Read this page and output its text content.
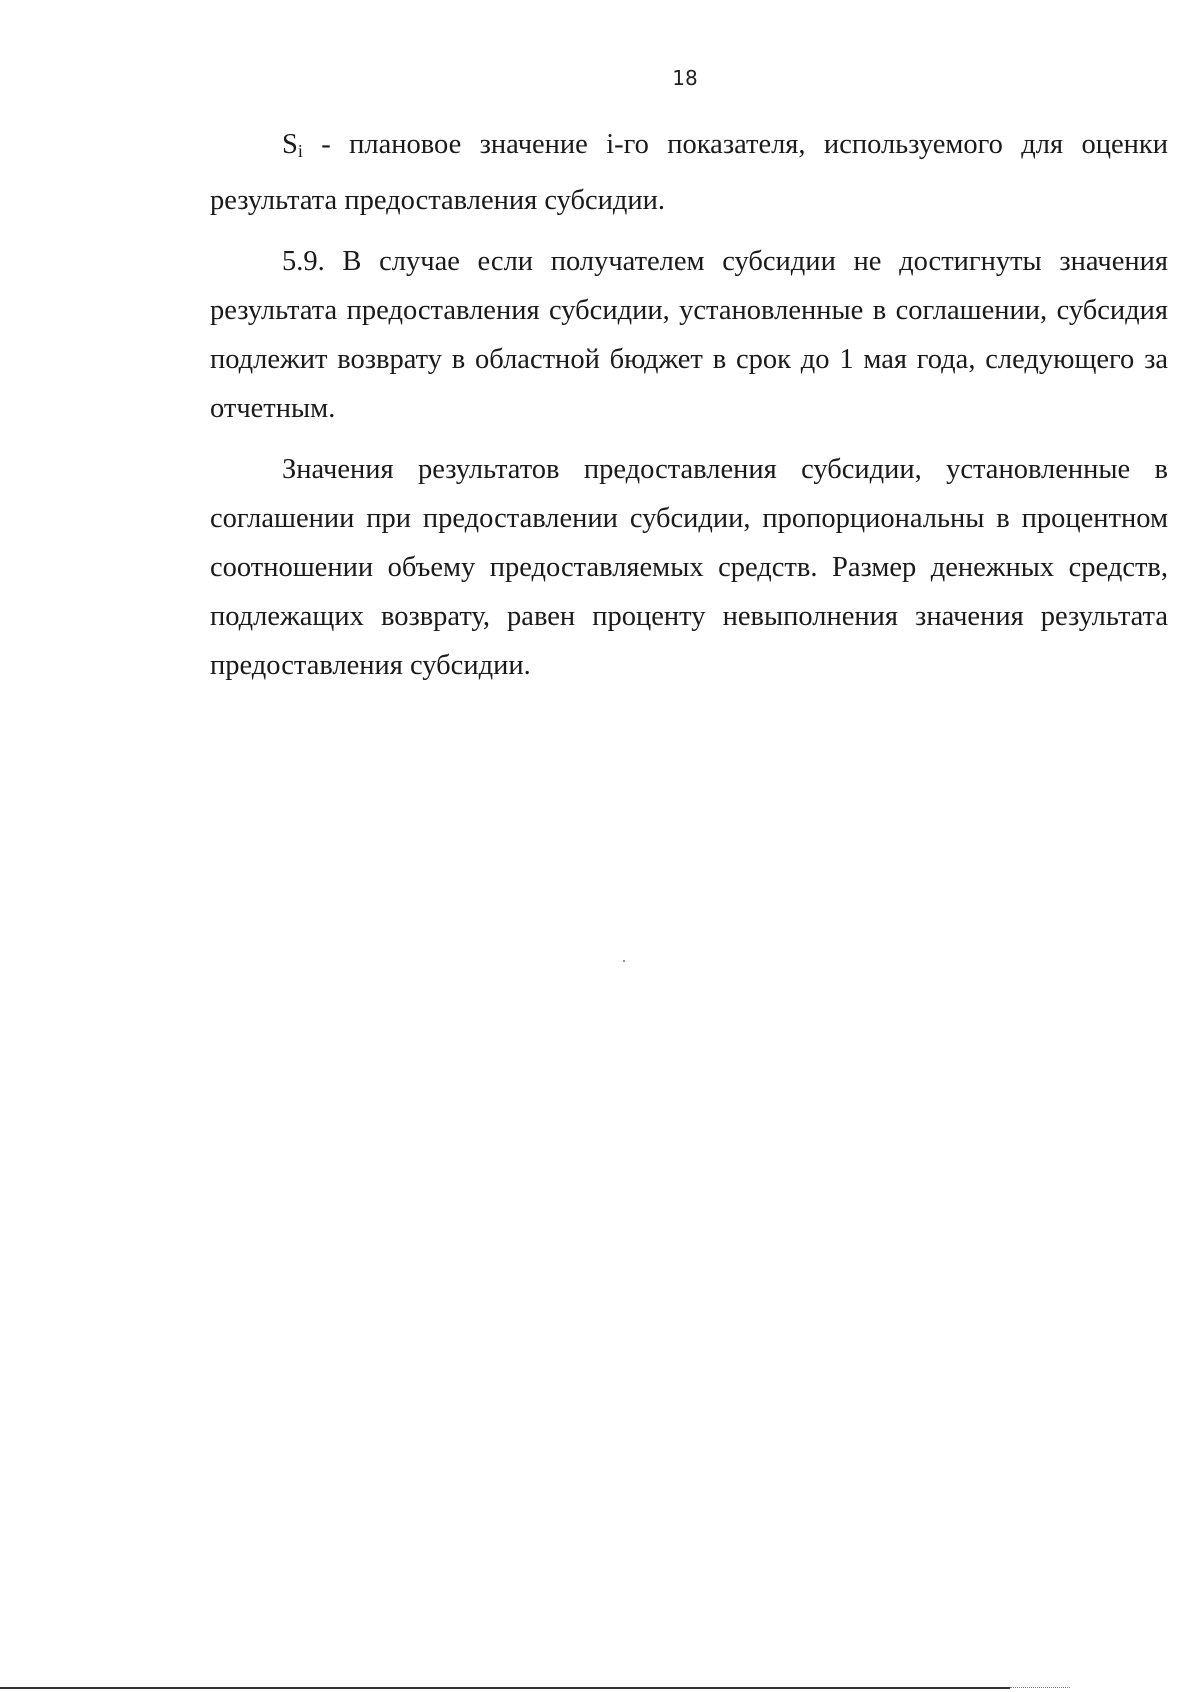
18

$S_i$ - плановое значение i-го показателя, используемого для оценки результата предоставления субсидии.

5.9. В случае если получателем субсидии не достигнуты значения результата предоставления субсидии, установленные в соглашении, субсидия подлежит возврату в областной бюджет в срок до 1 мая года, следующего за отчетным.

Значения результатов предоставления субсидии, установленные в соглашении при предоставлении субсидии, пропорциональны в процентном соотношении объему предоставляемых средств. Размер денежных средств, подлежащих возврату, равен проценту невыполнения значения результата предоставления субсидии.
